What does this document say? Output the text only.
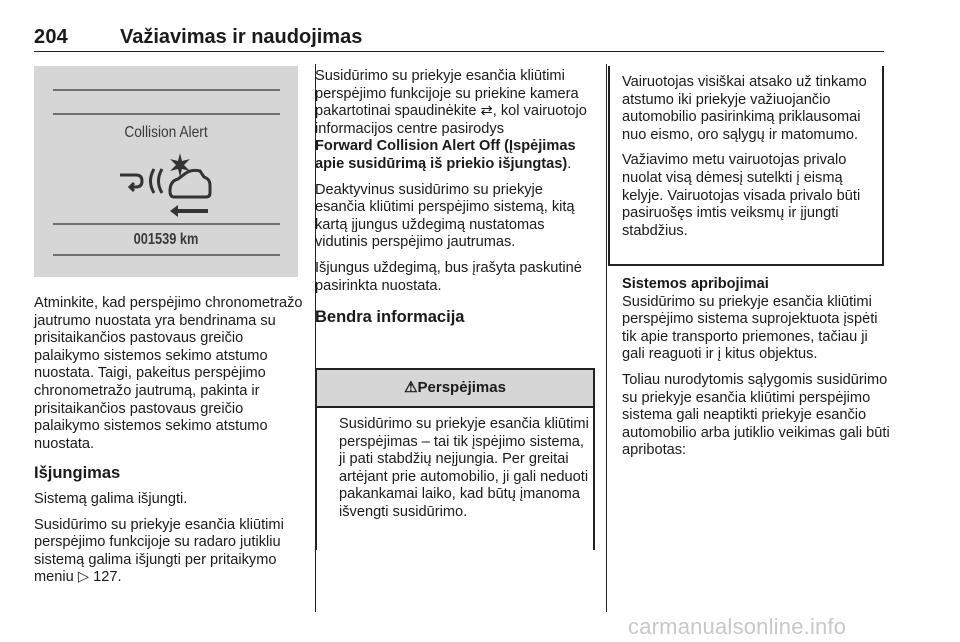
204	Važiavimas ir naudojimas
Collision Alert
001539 km

Atminkite, kad perspėjimo chronometražo jautrumo nuostata yra bendrinama su prisitaikančios pastovaus greičio palaikymo sistemos sekimo atstumo nuostata. Taigi, pakeitus perspėjimo chronometražo jautrumą, pakinta ir prisitaikančios pastovaus greičio palaikymo sistemos sekimo atstumo nuostata.

Išjungimas

Sistemą galima išjungti.

Susidūrimo su priekyje esančia kliūtimi perspėjimo funkcijoje su radaro jutikliu sistemą galima išjungti per pritaikymo meniu ▷ 127.

Susidūrimo su priekyje esančia kliūtimi perspėjimo funkcijoje su priekine kamera pakartotinai spaudinėkite ⇄, kol vairuotojo informacijos centre pasirodys
Forward Collision Alert Off (Įspėjimas apie susidūrimą iš priekio išjungtas).

Deaktyvinus susidūrimo su priekyje esančia kliūtimi perspėjimo sistemą, kitą kartą įjungus uždegimą nustatomas vidutinis perspėjimo jautrumas.

Išjungus uždegimą, bus įrašyta paskutinė pasirinkta nuostata.

Bendra informacija
⚠Perspėjimas
Susidūrimo su priekyje esančia kliūtimi perspėjimas – tai tik įspėjimo sistema, ji pati stabdžių neįjungia. Per greitai artėjant prie automobilio, ji gali neduoti pakankamai laiko, kad būtų įmanoma išvengti susidūrimo.

Vairuotojas visiškai atsako už tinkamo atstumo iki priekyje važiuojančio automobilio pasirinkimą priklausomai nuo eismo, oro sąlygų ir matomumo.

Važiavimo metu vairuotojas privalo nuolat visą dėmesį sutelkti į eismą kelyje. Vairuotojas visada privalo būti pasiruošęs imtis veiksmų ir įjungti stabdžius.

Sistemos apribojimai

Susidūrimo su priekyje esančia kliūtimi perspėjimo sistema suprojektuota įspėti tik apie transporto priemones, tačiau ji gali reaguoti ir į kitus objektus.

Toliau nurodytomis sąlygomis susidūrimo su priekyje esančia kliūtimi perspėjimo sistema gali neaptikti priekyje esančio automobilio arba jutiklio veikimas gali būti apribotas:

carmanualsonline.info
